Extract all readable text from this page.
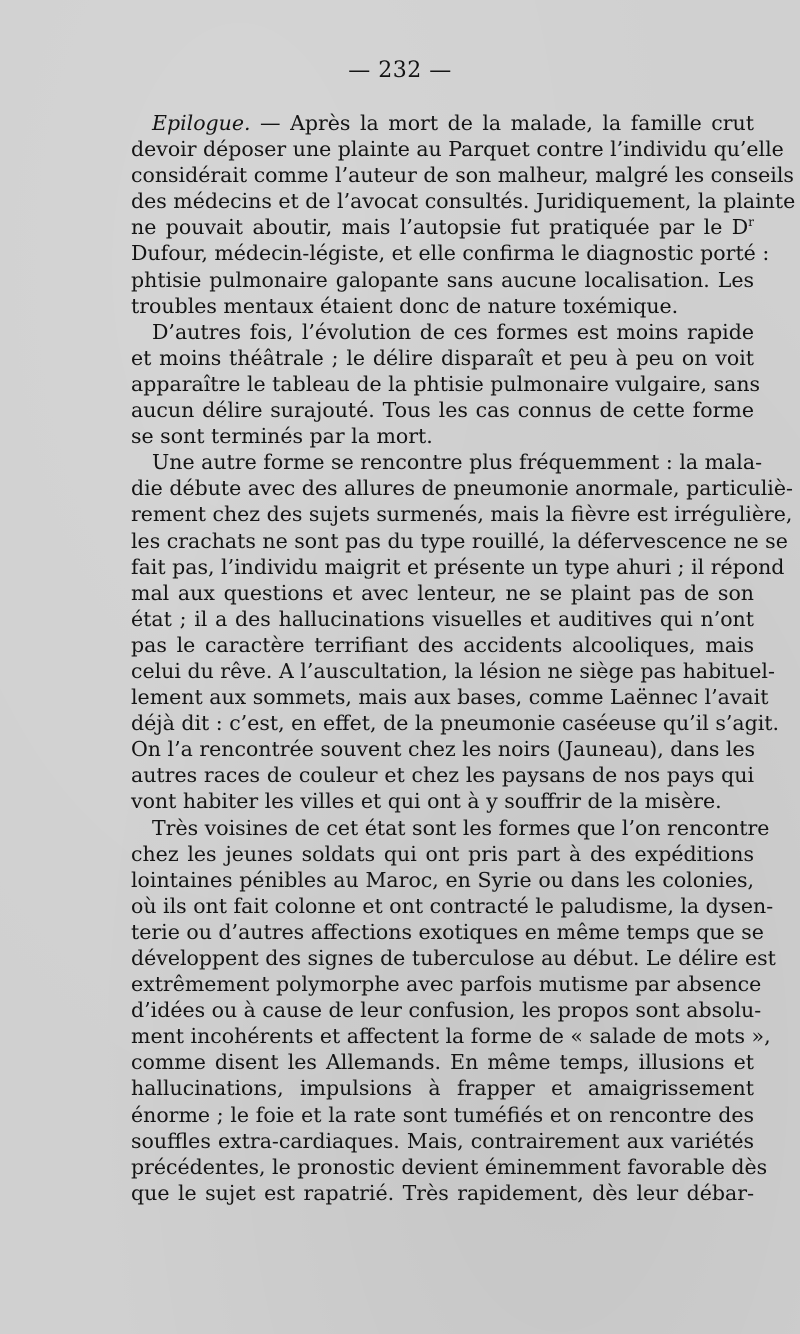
— 232 —
Epilogue. — Après la mort de la malade, la famille crut
devoir déposer une plainte au Parquet contre l’individu qu’elle
considérait comme l’auteur de son malheur, malgré les conseils
des médecins et de l’avocat consultés. Juridiquement, la plainte
ne pouvait aboutir, mais l’autopsie fut pratiquée par le $D^r$
Dufour, médecin-légiste, et elle confirma le diagnostic porté :
phtisie pulmonaire galopante sans aucune localisation. Les
troubles mentaux étaient donc de nature toxémique.
D’autres fois, l’évolution de ces formes est moins rapide
et moins théâtrale ; le délire disparaît et peu à peu on voit
apparaître le tableau de la phtisie pulmonaire vulgaire, sans
aucun délire surajouté. Tous les cas connus de cette forme
se sont terminés par la mort.
Une autre forme se rencontre plus fréquemment : la mala-
die débute avec des allures de pneumonie anormale, particuliè-
rement chez des sujets surmenés, mais la fièvre est irrégulière,
les crachats ne sont pas du type rouillé, la défervescence ne se
fait pas, l’individu maigrit et présente un type ahuri ; il répond
mal aux questions et avec lenteur, ne se plaint pas de son
état ; il a des hallucinations visuelles et auditives qui n’ont
pas le caractère terrifiant des accidents alcooliques, mais
celui du rêve. A l’auscultation, la lésion ne siège pas habituel-
lement aux sommets, mais aux bases, comme Laënnec l’avait
déjà dit : c’est, en effet, de la pneumonie caséeuse qu’il s’agit.
On l’a rencontrée souvent chez les noirs (Jauneau), dans les
autres races de couleur et chez les paysans de nos pays qui
vont habiter les villes et qui ont à y souffrir de la misère.
Très voisines de cet état sont les formes que l’on rencontre
chez les jeunes soldats qui ont pris part à des expéditions
lointaines pénibles au Maroc, en Syrie ou dans les colonies,
où ils ont fait colonne et ont contracté le paludisme, la dysen-
terie ou d’autres affections exotiques en même temps que se
développent des signes de tuberculose au début. Le délire est
extrêmement polymorphe avec parfois mutisme par absence
d’idées ou à cause de leur confusion, les propos sont absolu-
ment incohérents et affectent la forme de « salade de mots »,
comme disent les Allemands. En même temps, illusions et
hallucinations, impulsions à frapper et amaigrissement
énorme ; le foie et la rate sont tuméfiés et on rencontre des
souffles extra-cardiaques. Mais, contrairement aux variétés
précédentes, le pronostic devient éminemment favorable dès
que le sujet est rapatrié. Très rapidement, dès leur débar-
